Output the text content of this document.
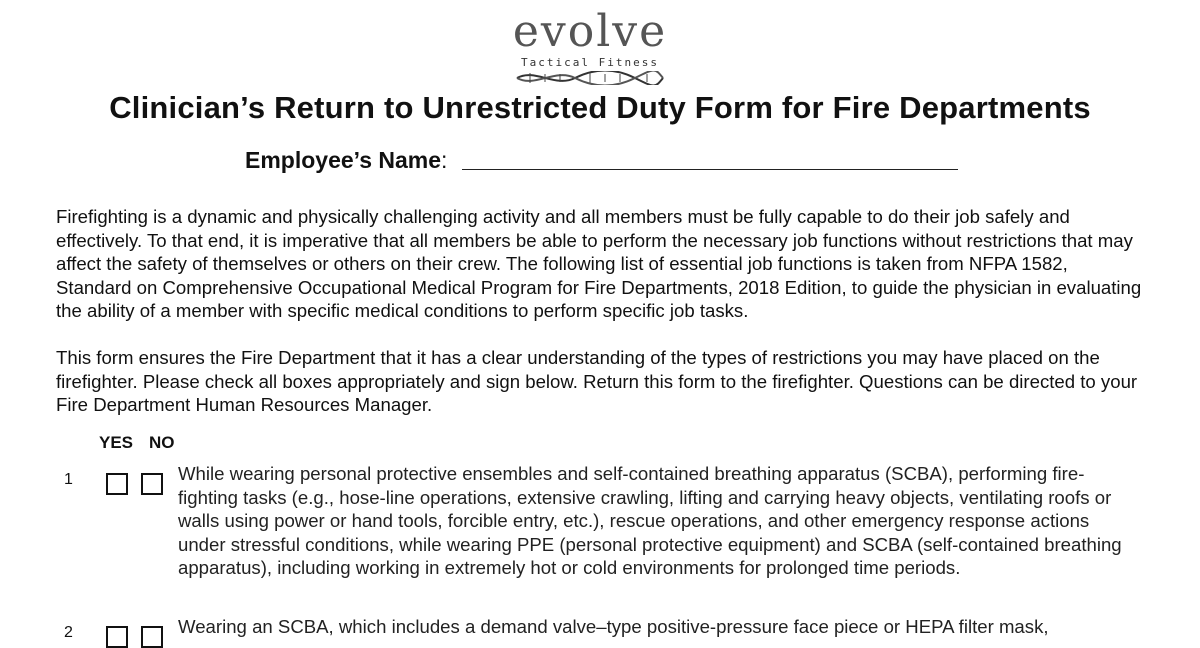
evolve
Tactical Fitness
Clinician’s Return to Unrestricted Duty Form for Fire Departments
Employee’s Name:
Firefighting is a dynamic and physically challenging activity and all members must be fully capable to do their job safely and effectively. To that end, it is imperative that all members be able to perform the necessary job functions without restrictions that may affect the safety of themselves or others on their crew. The following list of essential job functions is taken from NFPA 1582, Standard on Comprehensive Occupational Medical Program for Fire Departments, 2018 Edition, to guide the physician in evaluating the ability of a member with specific medical conditions to perform specific job tasks.
This form ensures the Fire Department that it has a clear understanding of the types of restrictions you may have placed on the firefighter. Please check all boxes appropriately and sign below. Return this form to the firefighter. Questions can be directed to your Fire Department Human Resources Manager.
YES NO
1	While wearing personal protective ensembles and self-contained breathing apparatus (SCBA), performing fire-fighting tasks (e.g., hose-line operations, extensive crawling, lifting and carrying heavy objects, ventilating roofs or walls using power or hand tools, forcible entry, etc.), rescue operations, and other emergency response actions under stressful conditions, while wearing PPE (personal protective equipment) and SCBA (self-contained breathing apparatus), including working in extremely hot or cold environments for prolonged time periods.
2	Wearing an SCBA, which includes a demand valve–type positive-pressure face piece or HEPA filter mask,
